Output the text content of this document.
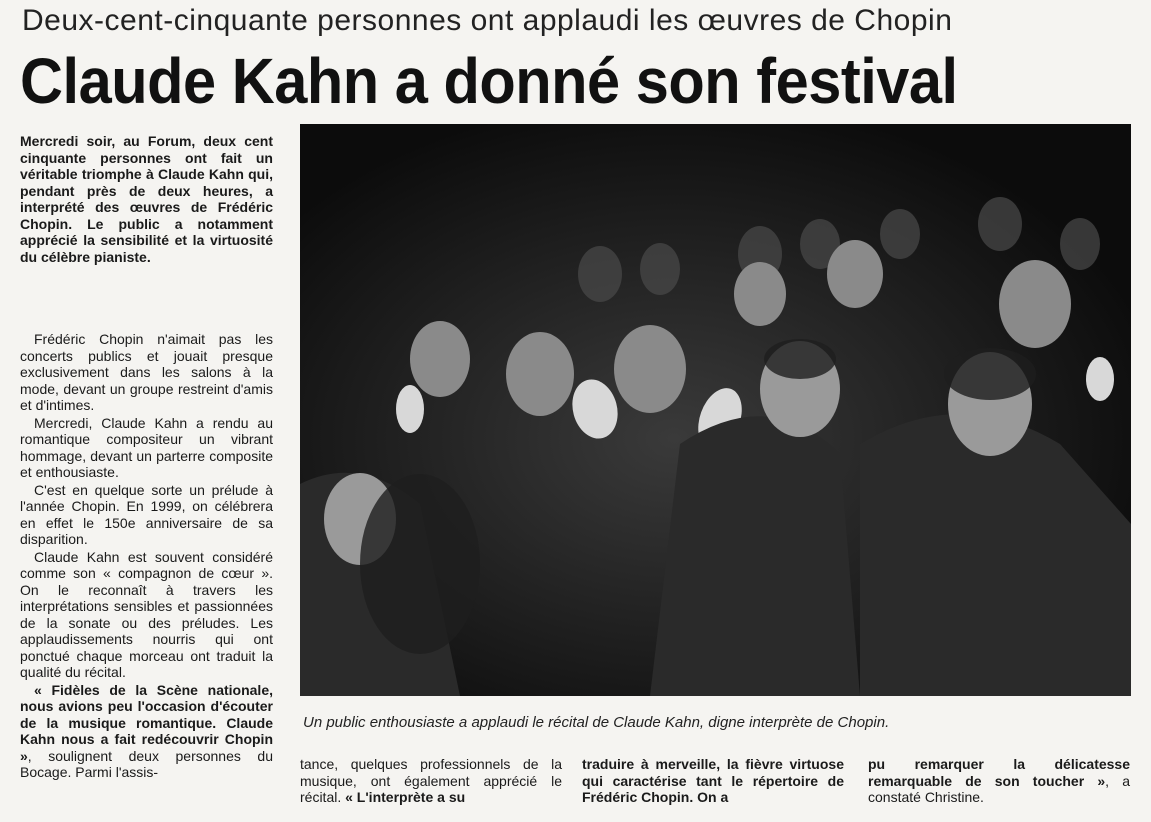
Deux-cent-cinquante personnes ont applaudi les œuvres de Chopin
Claude Kahn a donné son festival
Mercredi soir, au Forum, deux cent cinquante personnes ont fait un véritable triomphe à Claude Kahn qui, pendant près de deux heures, a interprété des œuvres de Frédéric Chopin. Le public a notamment apprécié la sensibilité et la virtuosité du célèbre pianiste.

Frédéric Chopin n'aimait pas les concerts publics et jouait presque exclusivement dans les salons à la mode, devant un groupe restreint d'amis et d'intimes.

Mercredi, Claude Kahn a rendu au romantique compositeur un vibrant hommage, devant un parterre composite et enthousiaste.

C'est en quelque sorte un prélude à l'année Chopin. En 1999, on célébrera en effet le 150e anniversaire de sa disparition.

Claude Kahn est souvent considéré comme son « compagnon de cœur ». On le reconnaît à travers les interprétations sensibles et passionnées de la sonate ou des préludes. Les applaudissements nourris qui ont ponctué chaque morceau ont traduit la qualité du récital.

« Fidèles de la Scène nationale, nous avions peu l'occasion d'écouter de la musique romantique. Claude Kahn nous a fait redécouvrir Chopin », soulignent deux personnes du Bocage. Parmi l'assis-

Un public enthousiaste a applaudi le récital de Claude Kahn, digne interprète de Chopin.
tance, quelques professionnels de la musique, ont également apprécié le récital. « L'interprète a su
traduire à merveille, la fièvre virtuose qui caractérise tant le répertoire de Frédéric Chopin. On a
pu remarquer la délicatesse remarquable de son toucher », a constaté Christine.
